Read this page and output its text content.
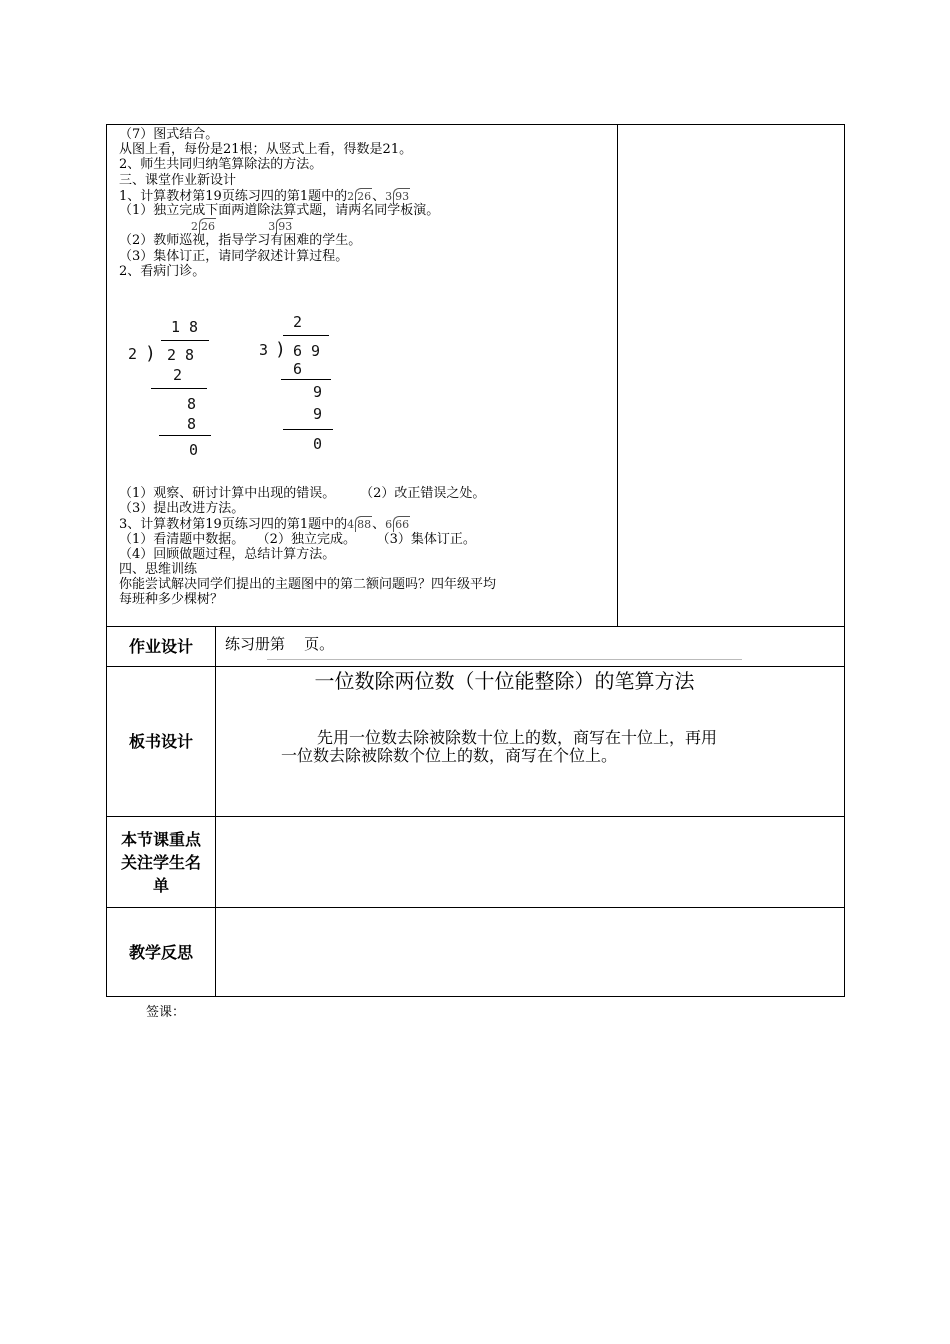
（7）图式结合。
从图上看，每份是21根；从竖式上看，得数是21。
2、师生共同归纳笔算除法的方法。
三、课堂作业新设计
1、计算教材第19页练习四的第1题中的2 26、3 93
（1）独立完成下面两道除法算式题，请两名同学板演。
2 26	3 93
（2）教师巡视，指导学习有困难的学生。
（3）集体订正，请同学叙述计算过程。
2、看病门诊。
1 8
2 ) 2 8
2
8
8
0
2
3 ) 6 9
6
9
9
0
（1）观察、研讨计算中出现的错误。      （2）改正错误之处。
（3）提出改进方法。
3、计算教材第19页练习四的第1题中的4 88、6 66
（1）看清题中数据。   （2）独立完成。     （3）集体订正。
（4）回顾做题过程，总结计算方法。
四、思维训练
你能尝试解决同学们提出的主题图中的第二额问题吗？四年级平均
每班种多少棵树？
作业设计	练习册第    页。
板书设计
一位数除两位数（十位能整除）的笔算方法
先用一位数去除被除数十位上的数，商写在十位上，再用一位数去除被除数个位上的数，商写在个位上。
本节课重点关注学生名单
教学反思
签课：
